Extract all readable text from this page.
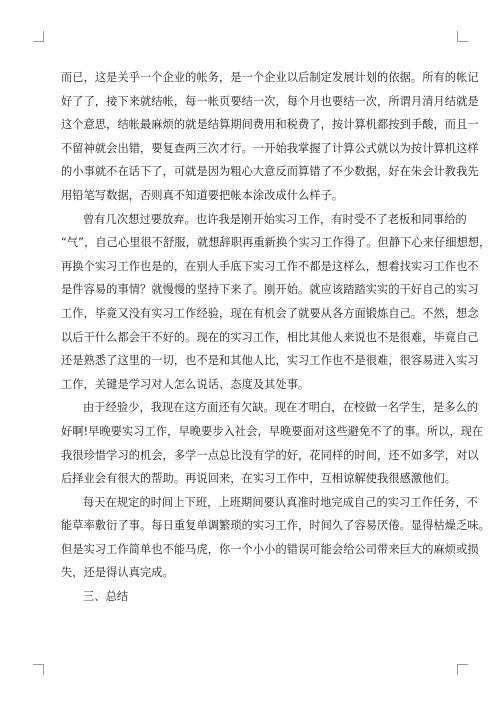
而已，这是关乎一个企业的帐务，是一个企业以后制定发展计划的依据。所有的帐记
好了了，接下来就结帐，每一帐页要结一次，每个月也要结一次，所谓月清月结就是
这个意思，结帐最麻烦的就是结算期间费用和税费了，按计算机都按到手酸，而且一
不留神就会出错，要复查两三次才行。一开始我掌握了计算公式就以为按计算机这样
的小事就不在话下了，可就是因为粗心大意反而算错了不少数据，好在朱会计教我先
用铅笔写数据，否则真不知道要把帐本涂改成什么样子。
曾有几次想过要放弃。也许我是刚开始实习工作，有时受不了老板和同事给的
“气”，自己心里很不舒服，就想辞职再重新换个实习工作得了。但静下心来仔细想想，
再换个实习工作也是的，在别人手底下实习工作不都是这样么，想着找实习工作也不
是件容易的事情？就慢慢的坚持下来了。刚开始。就应该踏踏实实的干好自己的实习
工作，毕竟又没有实习工作经验，现在有机会了就要从各方面锻炼自己。不然，想念
以后干什么都会干不好的。现在的实习工作，相比其他人来说也不是很难，毕竟自己
还是熟悉了这里的一切，也不是和其他人比，实习工作也不是很难，很容易进入实习
工作，关键是学习对人怎么说话、态度及其处事。
由于经验少，我现在这方面还有欠缺。现在才明白，在校做一名学生，是多么的
好啊!早晚要实习工作，早晚要步入社会，早晚要面对这些避免不了的事。所以，现在
我很珍惜学习的机会，多学一点总比没有学的好，花同样的时间，还不如多学，对以
后择业会有很大的帮助。再说回来，在实习工作中，互相谅解使我很感激他们。
每天在规定的时间上下班，上班期间要认真准时地完成自己的实习工作任务，不
能草率敷衍了事。每日重复单调繁琐的实习工作，时间久了容易厌倦。显得枯燥乏味。
但是实习工作简单也不能马虎，你一个小小的错误可能会给公司带来巨大的麻烦或损
失，还是得认真完成。
三、总结
